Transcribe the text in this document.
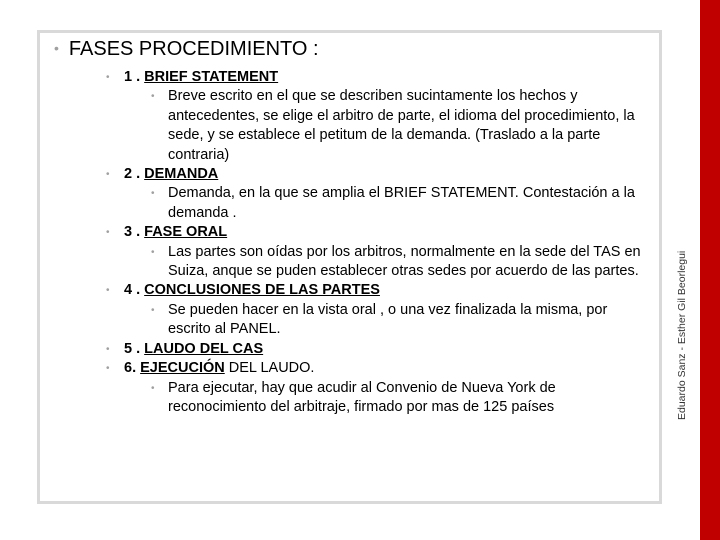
• FASES PROCEDIMIENTO :
• 1 . BRIEF STATEMENT
• Breve escrito en el que se describen sucintamente los hechos y antecedentes, se elige el arbitro de parte, el idioma del procedimiento, la sede, y se establece el petitum de la demanda. (Traslado a la parte contraria)
• 2 . DEMANDA
• Demanda, en la que se amplia el BRIEF STATEMENT. Contestación a la demanda .
• 3 . FASE ORAL
• Las partes son oídas por los arbitros, normalmente en la sede del TAS en Suiza, anque se puden establecer otras sedes por acuerdo de las partes.
• 4 . CONCLUSIONES DE LAS PARTES
• Se pueden hacer en la vista oral , o una vez finalizada la misma, por escrito al PANEL.
• 5 . LAUDO DEL CAS
• 6. EJECUCIÓN DEL LAUDO.
• Para ejecutar, hay que acudir al Convenio de Nueva York de reconocimiento del arbitraje, firmado por mas de 125 países	Eduardo Sanz - Esther Gil Beorlegui
